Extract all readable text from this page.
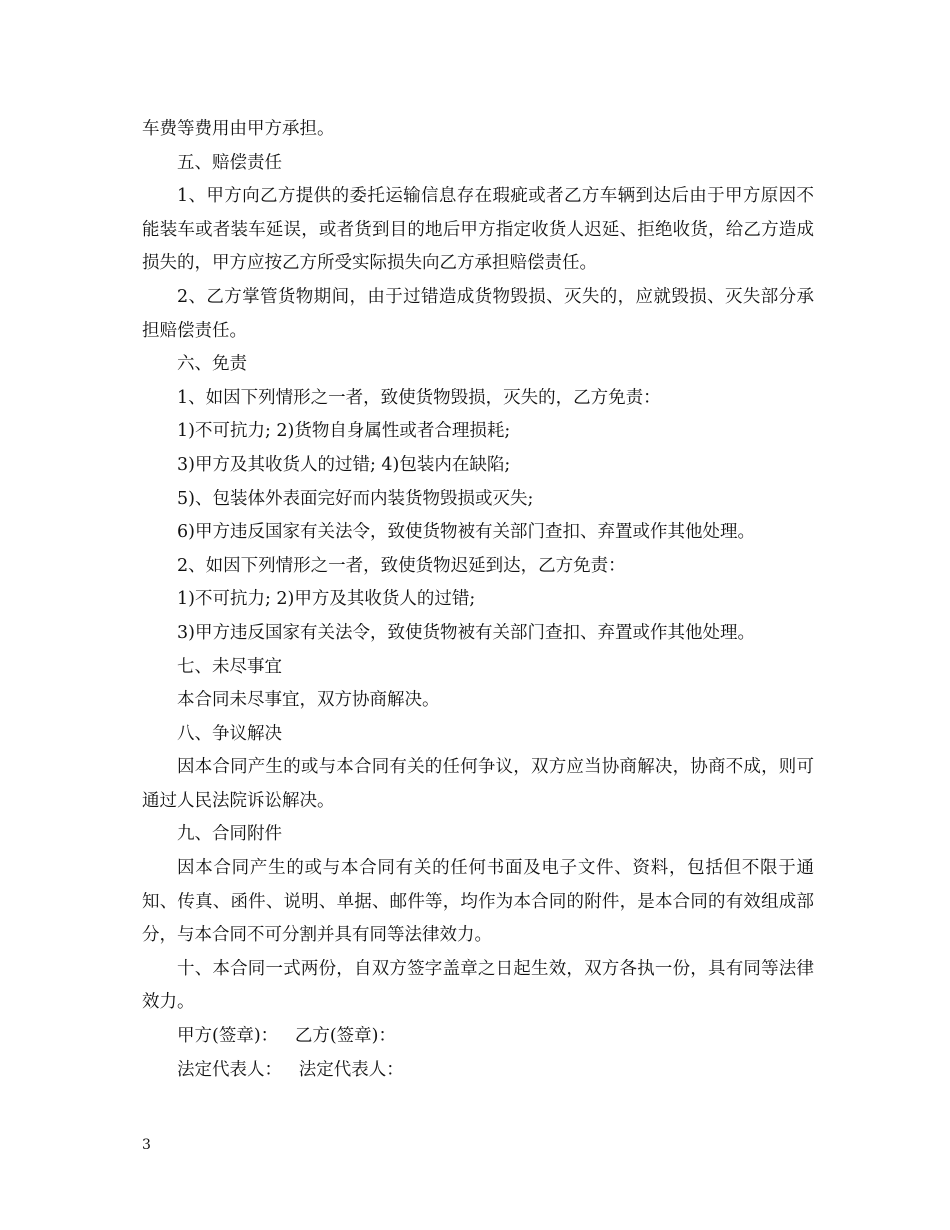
车费等费用由甲方承担。

五、赔偿责任

1、甲方向乙方提供的委托运输信息存在瑕疵或者乙方车辆到达后由于甲方原因不能装车或者装车延误，或者货到目的地后甲方指定收货人迟延、拒绝收货，给乙方造成损失的，甲方应按乙方所受实际损失向乙方承担赔偿责任。

2、乙方掌管货物期间，由于过错造成货物毁损、灭失的，应就毁损、灭失部分承担赔偿责任。

六、免责

1、如因下列情形之一者，致使货物毁损，灭失的，乙方免责：

1)不可抗力; 2)货物自身属性或者合理损耗;

3)甲方及其收货人的过错; 4)包装内在缺陷;

5)、包装体外表面完好而内装货物毁损或灭失;

6)甲方违反国家有关法令，致使货物被有关部门查扣、弃置或作其他处理。

2、如因下列情形之一者，致使货物迟延到达，乙方免责：

1)不可抗力; 2)甲方及其收货人的过错;

3)甲方违反国家有关法令，致使货物被有关部门查扣、弃置或作其他处理。

七、未尽事宜

本合同未尽事宜，双方协商解决。

八、争议解决

因本合同产生的或与本合同有关的任何争议，双方应当协商解决，协商不成，则可通过人民法院诉讼解决。

九、合同附件

因本合同产生的或与本合同有关的任何书面及电子文件、资料，包括但不限于通知、传真、函件、说明、单据、邮件等，均作为本合同的附件，是本合同的有效组成部分，与本合同不可分割并具有同等法律效力。

十、本合同一式两份，自双方签字盖章之日起生效，双方各执一份，具有同等法律效力。

甲方(签章)： 乙方(签章)：

法定代表人： 法定代表人：

3
